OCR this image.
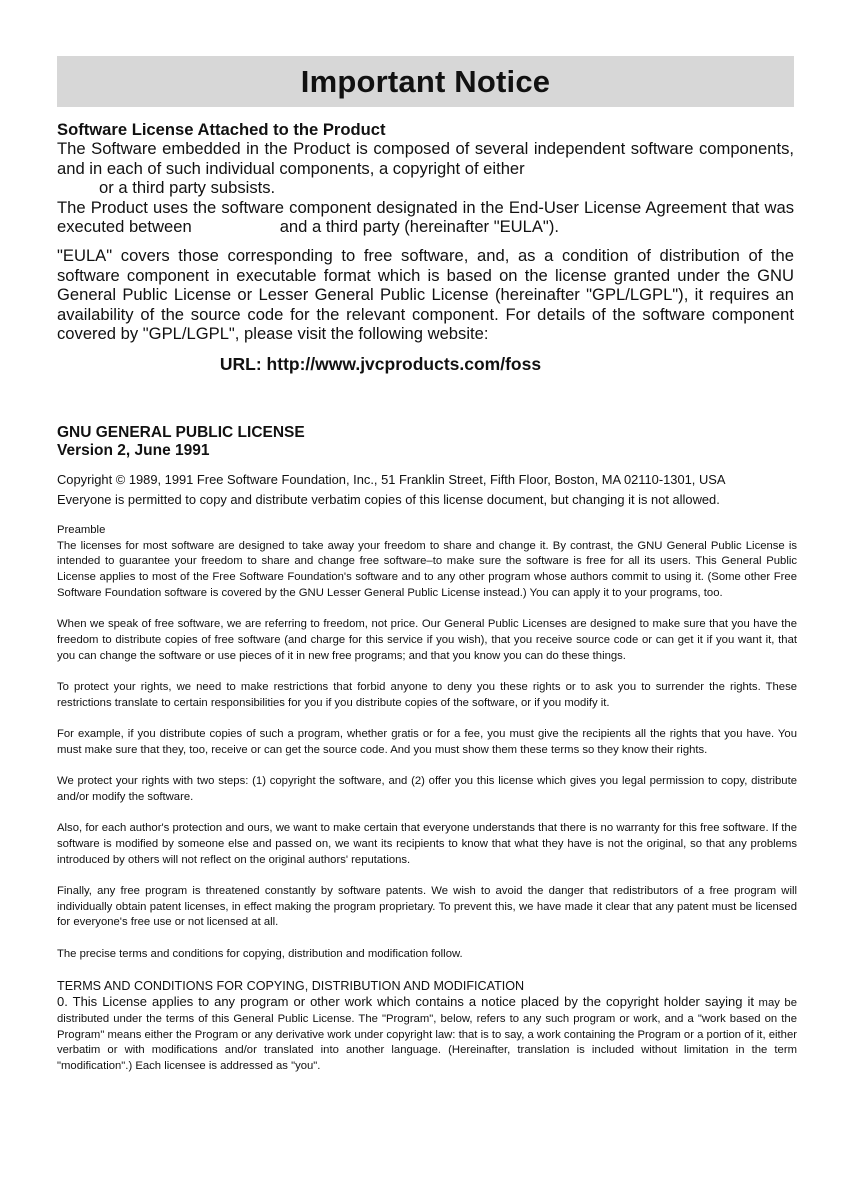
Important Notice
Software License Attached to the Product

The Software embedded in the Product is composed of several independent software components, and in each of such individual components, a copyright of either
or a third party subsists.

The Product uses the software component designated in the End-User License Agreement that was executed between	and a third party (hereinafter "EULA").

"EULA" covers those corresponding to free software, and, as a condition of distribution of the software component in executable format which is based on the license granted under the GNU General Public License or Lesser General Public License (hereinafter "GPL/LGPL"), it requires an availability of the source code for the relevant component. For details of the software component covered by "GPL/LGPL", please visit the following website:

URL: http://www.jvcproducts.com/foss
GNU GENERAL PUBLIC LICENSE
Version 2, June 1991
Copyright © 1989, 1991 Free Software Foundation, Inc., 51 Franklin Street, Fifth Floor, Boston, MA 02110-1301, USA
Everyone is permitted to copy and distribute verbatim copies of this license document, but changing it is not allowed.

Preamble

The licenses for most software are designed to take away your freedom to share and change it. By contrast, the GNU General Public License is intended to guarantee your freedom to share and change free software–to make sure the software is free for all its users. This General Public License applies to most of the Free Software Foundation's software and to any other program whose authors commit to using it. (Some other Free Software Foundation software is covered by the GNU Lesser General Public License instead.) You can apply it to your programs, too.

When we speak of free software, we are referring to freedom, not price. Our General Public Licenses are designed to make sure that you have the freedom to distribute copies of free software (and charge for this service if you wish), that you receive source code or can get it if you want it, that you can change the software or use pieces of it in new free programs; and that you know you can do these things.

To protect your rights, we need to make restrictions that forbid anyone to deny you these rights or to ask you to surrender the rights. These restrictions translate to certain responsibilities for you if you distribute copies of the software, or if you modify it.

For example, if you distribute copies of such a program, whether gratis or for a fee, you must give the recipients all the rights that you have. You must make sure that they, too, receive or can get the source code. And you must show them these terms so they know their rights.

We protect your rights with two steps: (1) copyright the software, and (2) offer you this license which gives you legal permission to copy, distribute and/or modify the software.

Also, for each author's protection and ours, we want to make certain that everyone understands that there is no warranty for this free software. If the software is modified by someone else and passed on, we want its recipients to know that what they have is not the original, so that any problems introduced by others will not reflect on the original authors' reputations.

Finally, any free program is threatened constantly by software patents. We wish to avoid the danger that redistributors of a free program will individually obtain patent licenses, in effect making the program proprietary. To prevent this, we have made it clear that any patent must be licensed for everyone's free use or not licensed at all.

The precise terms and conditions for copying, distribution and modification follow.

TERMS AND CONDITIONS FOR COPYING, DISTRIBUTION AND MODIFICATION

0. This License applies to any program or other work which contains a notice placed by the copyright holder saying it may be distributed under the terms of this General Public License. The "Program", below, refers to any such program or work, and a "work based on the Program" means either the Program or any derivative work under copyright law: that is to say, a work containing the Program or a portion of it, either verbatim or with modifications and/or translated into another language. (Hereinafter, translation is included without limitation in the term "modification".) Each licensee is addressed as "you".
